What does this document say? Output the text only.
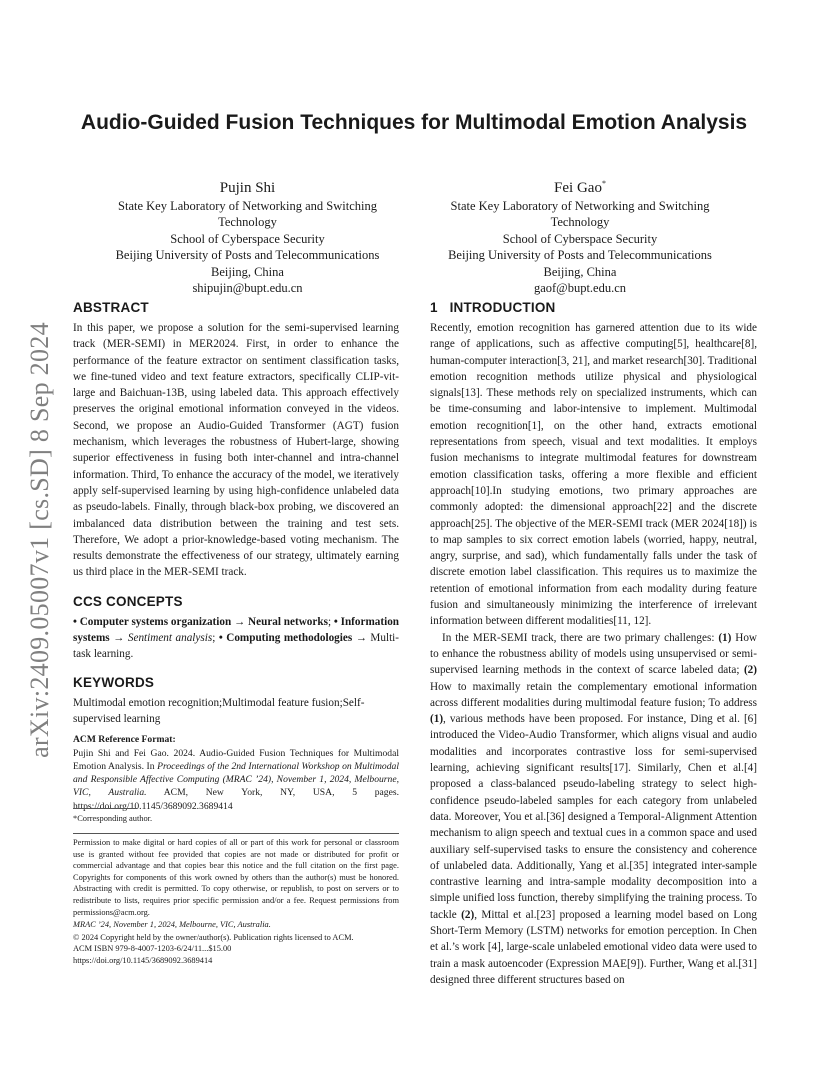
Audio-Guided Fusion Techniques for Multimodal Emotion Analysis
Pujin Shi
State Key Laboratory of Networking and Switching
Technology
School of Cyberspace Security
Beijing University of Posts and Telecommunications
Beijing, China
shipujin@bupt.edu.cn
Fei Gao*
State Key Laboratory of Networking and Switching
Technology
School of Cyberspace Security
Beijing University of Posts and Telecommunications
Beijing, China
gaof@bupt.edu.cn
arXiv:2409.05007v1 [cs.SD] 8 Sep 2024
ABSTRACT

In this paper, we propose a solution for the semi-supervised learning track (MER-SEMI) in MER2024. First, in order to enhance the performance of the feature extractor on sentiment classification tasks, we fine-tuned video and text feature extractors, specifically CLIP-vit-large and Baichuan-13B, using labeled data. This approach effectively preserves the original emotional information conveyed in the videos. Second, we propose an Audio-Guided Transformer (AGT) fusion mechanism, which leverages the robustness of Hubert-large, showing superior effectiveness in fusing both inter-channel and intra-channel information. Third, To enhance the accuracy of the model, we iteratively apply self-supervised learning by using high-confidence unlabeled data as pseudo-labels. Finally, through black-box probing, we discovered an imbalanced data distribution between the training and test sets. Therefore, We adopt a prior-knowledge-based voting mechanism. The results demonstrate the effectiveness of our strategy, ultimately earning us third place in the MER-SEMI track.

CCS CONCEPTS

• Computer systems organization → Neural networks; • Information systems → Sentiment analysis; • Computing methodologies → Multi-task learning.

KEYWORDS

Multimodal emotion recognition;Multimodal feature fusion;Self-supervised learning

ACM Reference Format:
Pujin Shi and Fei Gao. 2024. Audio-Guided Fusion Techniques for Multimodal Emotion Analysis. In Proceedings of the 2nd International Workshop on Multimodal and Responsible Affective Computing (MRAC ’24), November 1, 2024, Melbourne, VIC, Australia. ACM, New York, NY, USA, 5 pages. https://doi.org/10.1145/3689092.3689414
*Corresponding author.
Permission to make digital or hard copies of all or part of this work for personal or classroom use is granted without fee provided that copies are not made or distributed for profit or commercial advantage and that copies bear this notice and the full citation on the first page. Copyrights for components of this work owned by others than the author(s) must be honored. Abstracting with credit is permitted. To copy otherwise, or republish, to post on servers or to redistribute to lists, requires prior specific permission and/or a fee. Request permissions from permissions@acm.org.
MRAC ’24, November 1, 2024, Melbourne, VIC, Australia.
© 2024 Copyright held by the owner/author(s). Publication rights licensed to ACM.
ACM ISBN 979-8-4007-1203-6/24/11...$15.00
https://doi.org/10.1145/3689092.3689414
1 INTRODUCTION

Recently, emotion recognition has garnered attention due to its wide range of applications, such as affective computing[5], healthcare[8], human-computer interaction[3, 21], and market research[30]. Traditional emotion recognition methods utilize physical and physiological signals[13]. These methods rely on specialized instruments, which can be time-consuming and labor-intensive to implement. Multimodal emotion recognition[1], on the other hand, extracts emotional representations from speech, visual and text modalities. It employs fusion mechanisms to integrate multimodal features for downstream emotion classification tasks, offering a more flexible and efficient approach[10].In studying emotions, two primary approaches are commonly adopted: the dimensional approach[22] and the discrete approach[25]. The objective of the MER-SEMI track (MER 2024[18]) is to map samples to six correct emotion labels (worried, happy, neutral, angry, surprise, and sad), which fundamentally falls under the task of discrete emotion label classification. This requires us to maximize the retention of emotional information from each modality during feature fusion and simultaneously minimizing the interference of irrelevant information between different modalities[11, 12].

In the MER-SEMI track, there are two primary challenges: (1) How to enhance the robustness ability of models using unsupervised or semi-supervised learning methods in the context of scarce labeled data; (2) How to maximally retain the complementary emotional information across different modalities during multimodal feature fusion; To address (1), various methods have been proposed. For instance, Ding et al. [6] introduced the Video-Audio Transformer, which aligns visual and audio modalities and incorporates contrastive loss for semi-supervised learning, achieving significant results[17]. Similarly, Chen et al.[4] proposed a class-balanced pseudo-labeling strategy to select high-confidence pseudo-labeled samples for each category from unlabeled data. Moreover, You et al.[36] designed a Temporal-Alignment Attention mechanism to align speech and textual cues in a common space and used auxiliary self-supervised tasks to ensure the consistency and coherence of unlabeled data. Additionally, Yang et al.[35] integrated inter-sample contrastive learning and intra-sample modality decomposition into a simple unified loss function, thereby simplifying the training process. To tackle (2), Mittal et al.[23] proposed a learning model based on Long Short-Term Memory (LSTM) networks for emotion perception. In Chen et al.’s work [4], large-scale unlabeled emotional video data were used to train a mask autoencoder (Expression MAE[9]). Further, Wang et al.[31] designed three different structures based on
